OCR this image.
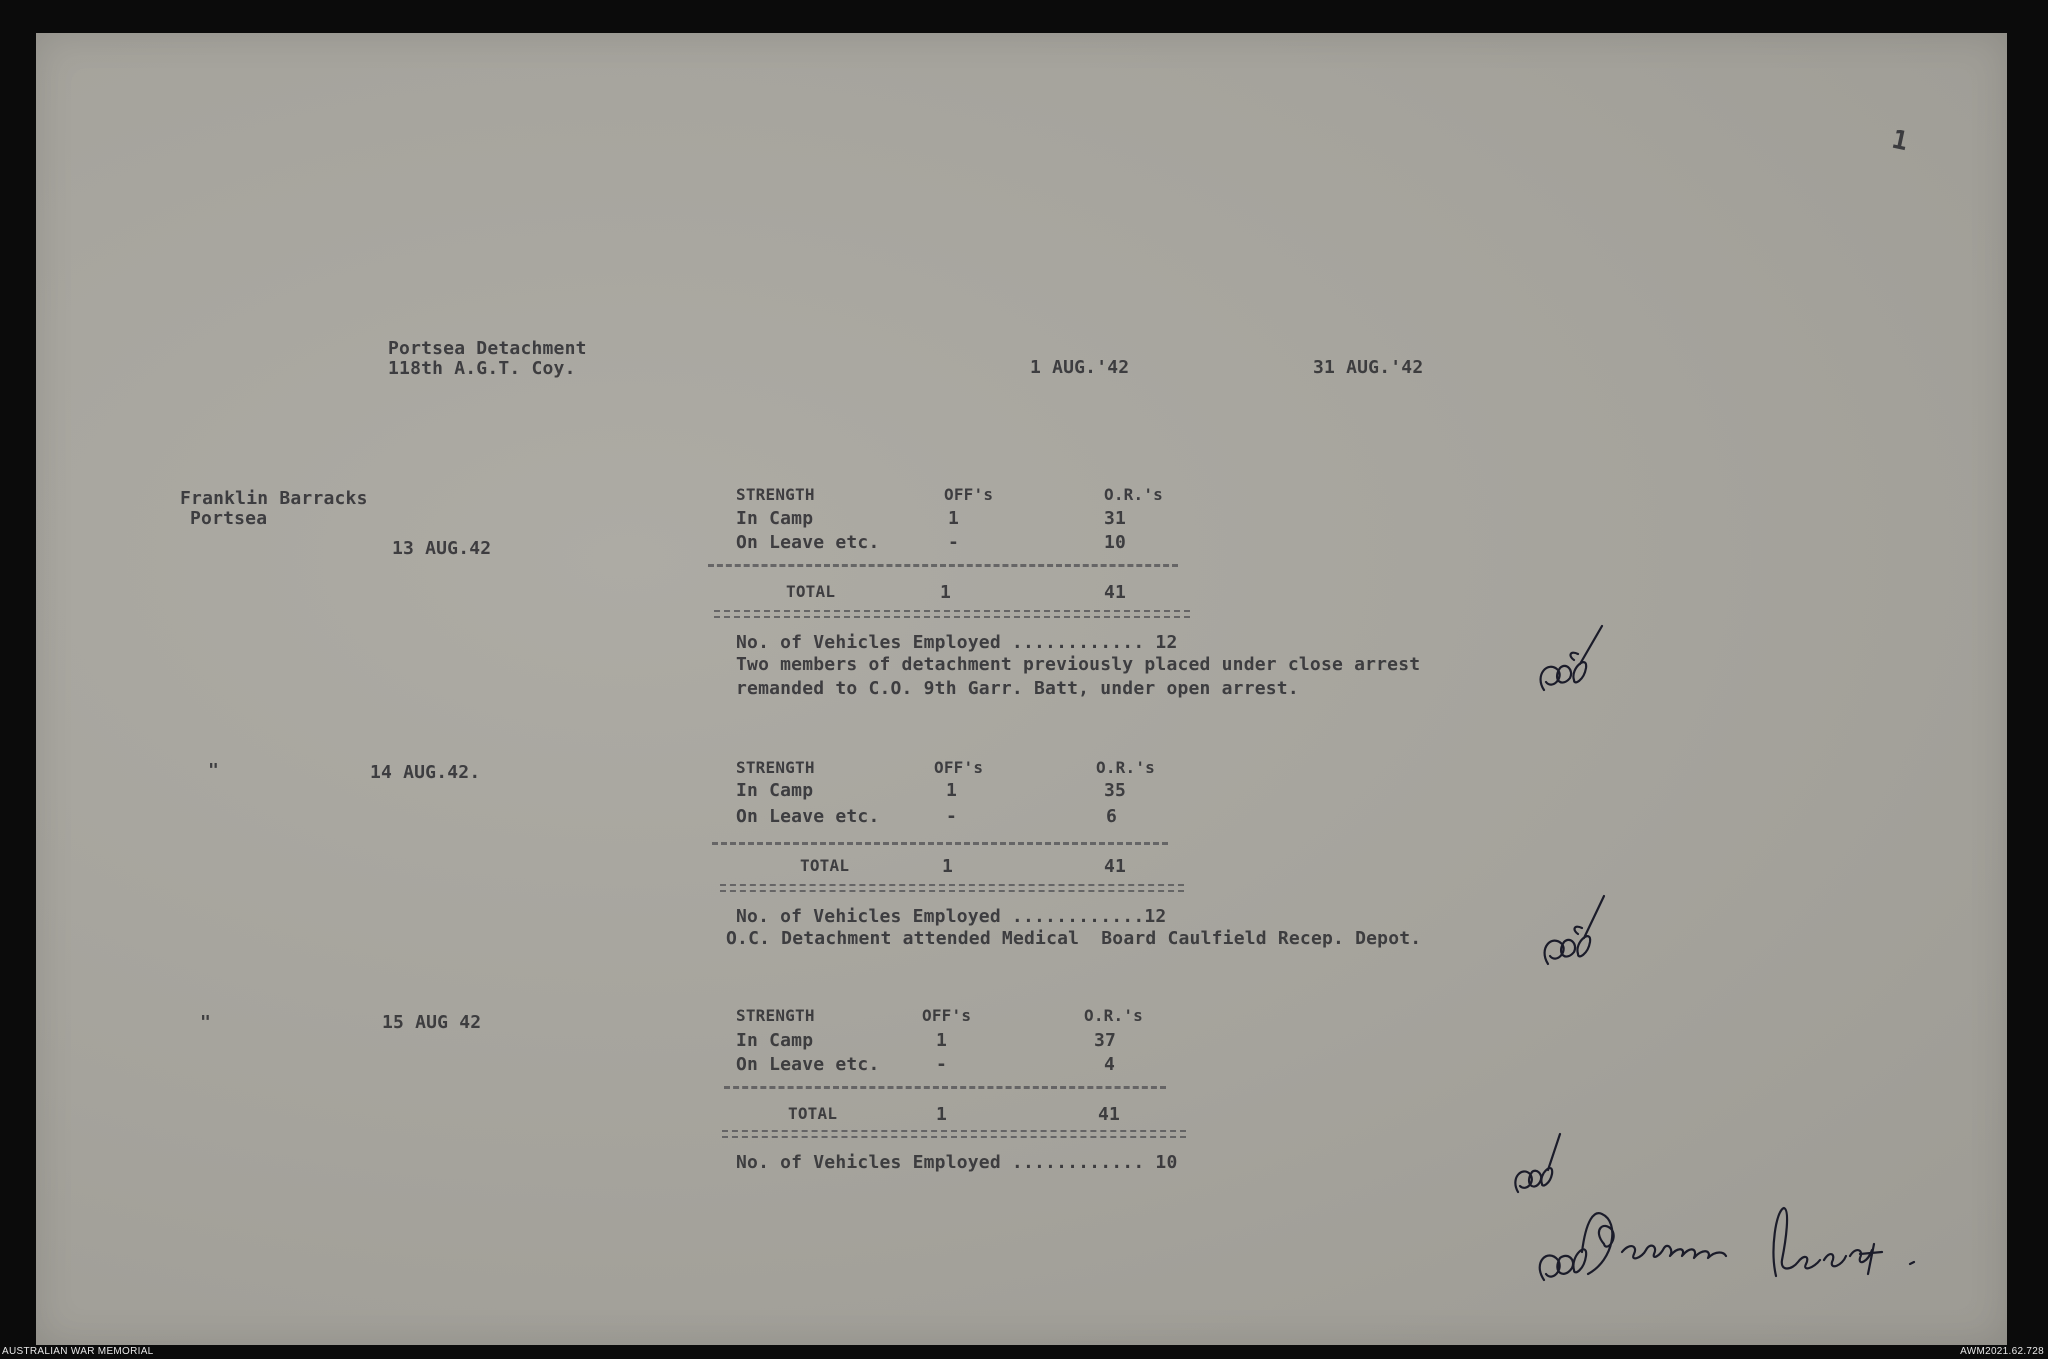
1
Portsea Detachment
118th A.G.T. Coy.	1 AUG.'42	31 AUG.'42
Franklin Barracks
Portsea
13 AUG.42
STRENGTH	OFF's	O.R.'s
In Camp	1	31
On Leave etc.	-	10
TOTAL	1	41
No. of Vehicles Employed ............ 12
Two members of detachment previously placed under close arrest
remanded to C.O. 9th Garr. Batt, under open arrest.
"	14 AUG.42.	STRENGTH	OFF's	O.R.'s
In Camp	1	35
On Leave etc.	-	6
TOTAL	1	41
No. of Vehicles Employed ............12
O.C. Detachment attended Medical  Board Caulfield Recep. Depot.
"	15 AUG 42	STRENGTH	OFF's	O.R.'s
In Camp	1	37
On Leave etc.	-	4
TOTAL	1	41
No. of Vehicles Employed ............ 10
AUSTRALIAN WAR MEMORIAL	AWM2021.62.728
